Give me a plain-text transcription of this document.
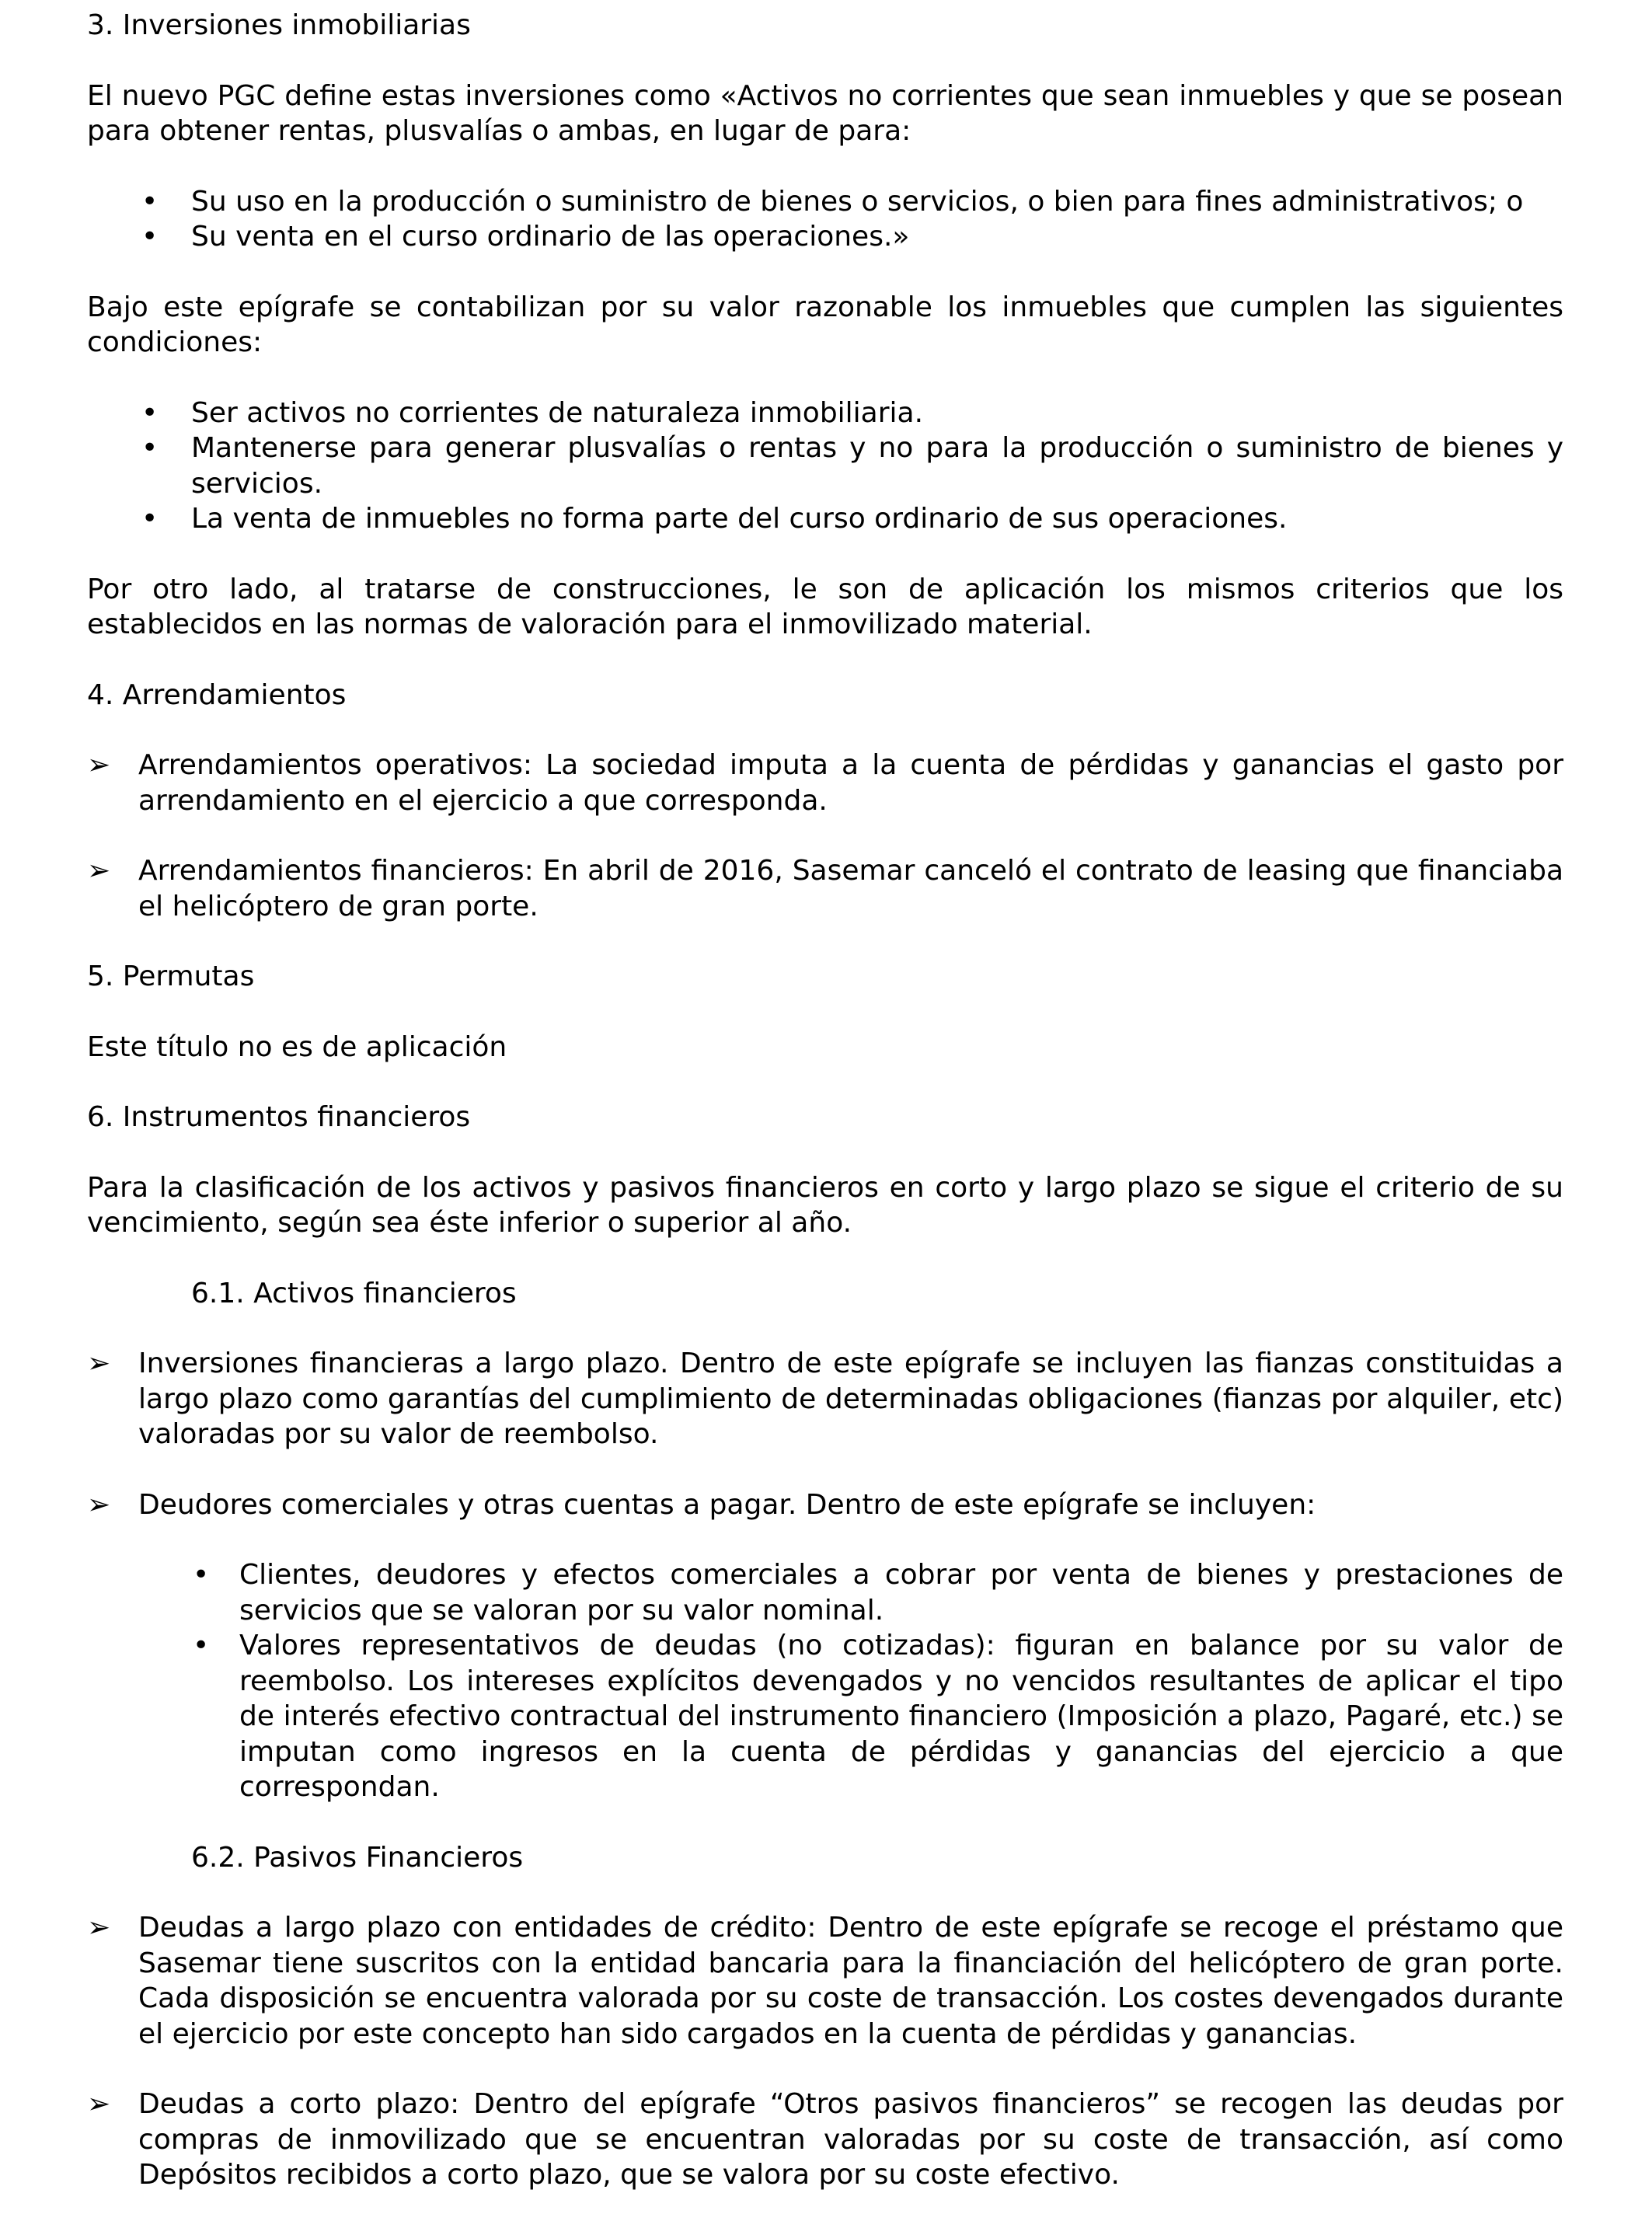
3. Inversiones inmobiliarias
El nuevo PGC define estas inversiones como «Activos no corrientes que sean inmuebles y que se posean para obtener rentas, plusvalías o ambas, en lugar de para:
• Su uso en la producción o suministro de bienes o servicios, o bien para fines administrativos; o
• Su venta en el curso ordinario de las operaciones.»
Bajo este epígrafe se contabilizan por su valor razonable los inmuebles que cumplen las siguientes condiciones:
• Ser activos no corrientes de naturaleza inmobiliaria.
• Mantenerse para generar plusvalías o rentas y no para la producción o suministro de bienes y servicios.
• La venta de inmuebles no forma parte del curso ordinario de sus operaciones.
Por otro lado, al tratarse de construcciones, le son de aplicación los mismos criterios que los establecidos en las normas de valoración para el inmovilizado material.
4. Arrendamientos
➢ Arrendamientos operativos: La sociedad imputa a la cuenta de pérdidas y ganancias el gasto por arrendamiento en el ejercicio a que corresponda.
➢ Arrendamientos financieros: En abril de 2016, Sasemar canceló el contrato de leasing que financiaba el helicóptero de gran porte.
5. Permutas
Este título no es de aplicación
6. Instrumentos financieros
Para la clasificación de los activos y pasivos financieros en corto y largo plazo se sigue el criterio de su vencimiento, según sea éste inferior o superior al año.
6.1. Activos financieros
➢ Inversiones financieras a largo plazo. Dentro de este epígrafe se incluyen las fianzas constituidas a largo plazo como garantías del cumplimiento de determinadas obligaciones (fianzas por alquiler, etc) valoradas por su valor de reembolso.
➢ Deudores comerciales y otras cuentas a pagar. Dentro de este epígrafe se incluyen:
• Clientes, deudores y efectos comerciales a cobrar por venta de bienes y prestaciones de servicios que se valoran por su valor nominal.
• Valores representativos de deudas (no cotizadas): figuran en balance por su valor de reembolso. Los intereses explícitos devengados y no vencidos resultantes de aplicar el tipo de interés efectivo contractual del instrumento financiero (Imposición a plazo, Pagaré, etc.) se imputan como ingresos en la cuenta de pérdidas y ganancias del ejercicio a que correspondan.
6.2. Pasivos Financieros
➢ Deudas a largo plazo con entidades de crédito: Dentro de este epígrafe se recoge el préstamo que Sasemar tiene suscritos con la entidad bancaria para la financiación del helicóptero de gran porte. Cada disposición se encuentra valorada por su coste de transacción. Los costes devengados durante el ejercicio por este concepto han sido cargados en la cuenta de pérdidas y ganancias.
➢ Deudas a corto plazo: Dentro del epígrafe “Otros pasivos financieros” se recogen las deudas por compras de inmovilizado que se encuentran valoradas por su coste de transacción, así como Depósitos recibidos a corto plazo, que se valora por su coste efectivo.
